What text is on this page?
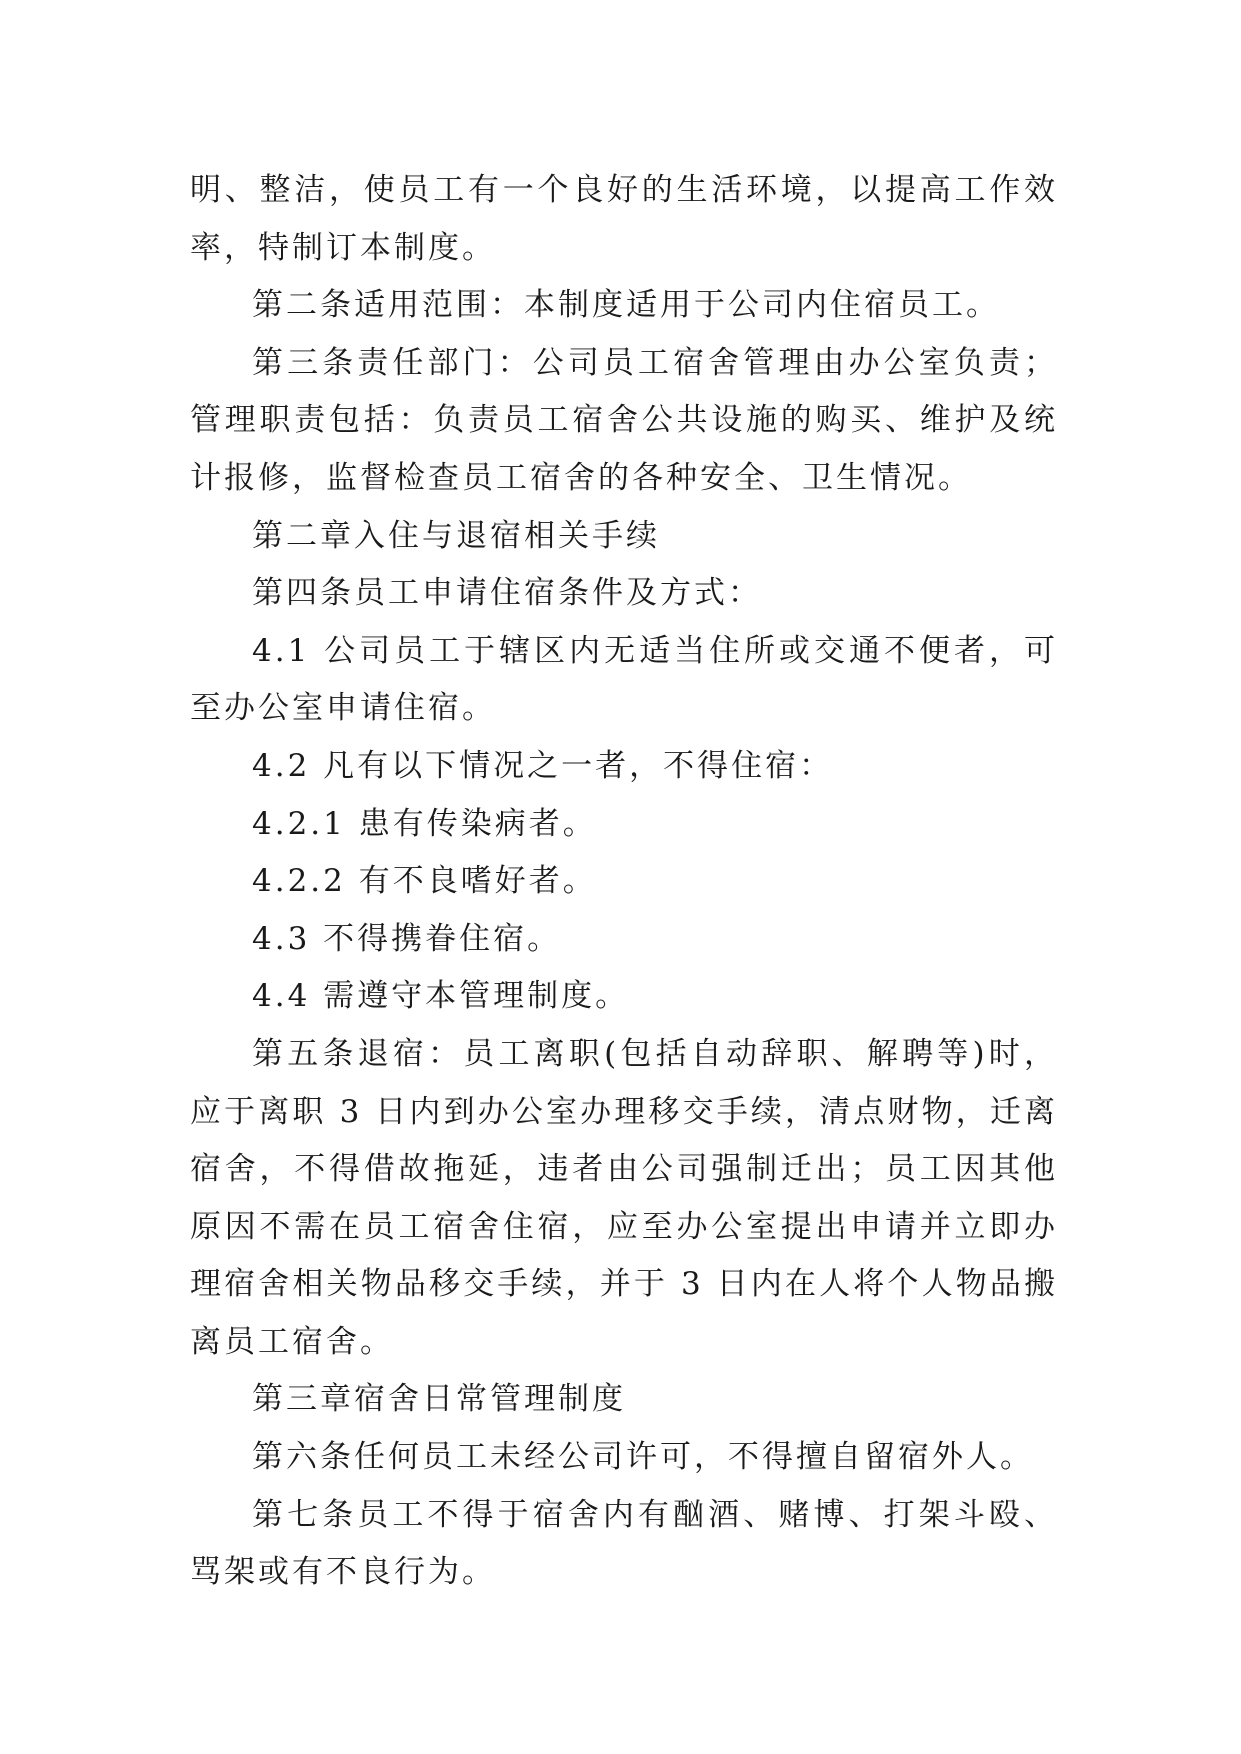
明、整洁，使员工有一个良好的生活环境，以提高工作效率，特制订本制度。

第二条适用范围：本制度适用于公司内住宿员工。

第三条责任部门：公司员工宿舍管理由办公室负责；管理职责包括：负责员工宿舍公共设施的购买、维护及统计报修，监督检查员工宿舍的各种安全、卫生情况。

第二章入住与退宿相关手续

第四条员工申请住宿条件及方式：

4.1 公司员工于辖区内无适当住所或交通不便者，可至办公室申请住宿。

4.2 凡有以下情况之一者，不得住宿：

4.2.1 患有传染病者。

4.2.2 有不良嗜好者。

4.3 不得携眷住宿。

4.4 需遵守本管理制度。

第五条退宿：员工离职(包括自动辞职、解聘等)时，应于离职 3 日内到办公室办理移交手续，清点财物，迁离宿舍，不得借故拖延，违者由公司强制迁出；员工因其他原因不需在员工宿舍住宿，应至办公室提出申请并立即办理宿舍相关物品移交手续，并于 3 日内在人将个人物品搬离员工宿舍。

第三章宿舍日常管理制度

第六条任何员工未经公司许可，不得擅自留宿外人。

第七条员工不得于宿舍内有酗酒、赌博、打架斗殴、骂架或有不良行为。
